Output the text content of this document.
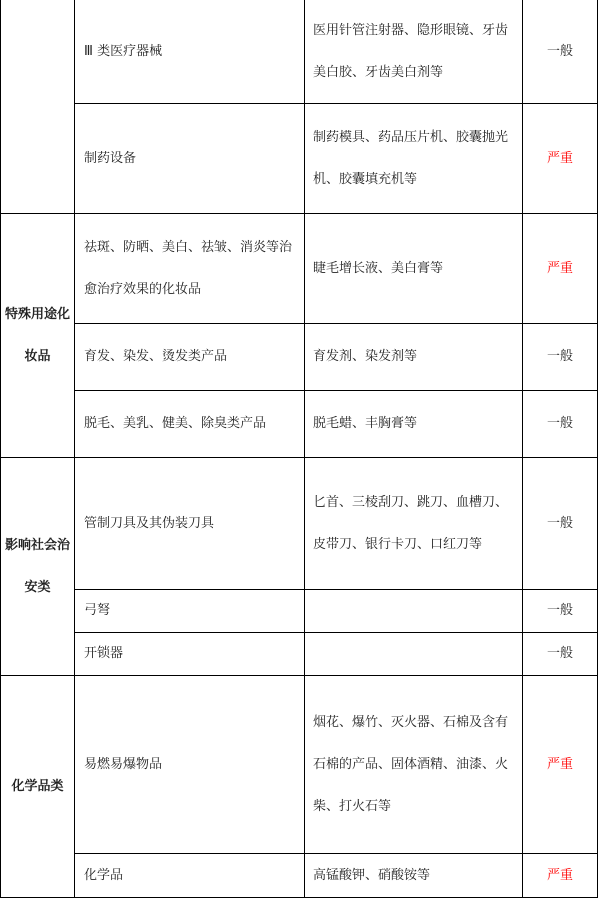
	Ⅲ 类医疗器械	医用针管注射器、隐形眼镜、牙齿美白胶、牙齿美白剂等	一般
	制药设备	制药模具、药品压片机、胶囊抛光机、胶囊填充机等	严重
特殊用途化妆品	祛斑、防晒、美白、祛皱、消炎等治愈治疗效果的化妆品	睫毛增长液、美白膏等	严重
	育发、染发、烫发类产品	育发剂、染发剂等	一般
	脱毛、美乳、健美、除臭类产品	脱毛蜡、丰胸膏等	一般
影响社会治安类	管制刀具及其伪装刀具	匕首、三棱刮刀、跳刀、血槽刀、皮带刀、银行卡刀、口红刀等	一般
	弓弩		一般
	开锁器		一般
化学品类	易燃易爆物品	烟花、爆竹、灭火器、石棉及含有石棉的产品、固体酒精、油漆、火柴、打火石等	严重
	化学品	高锰酸钾、硝酸铵等	严重
